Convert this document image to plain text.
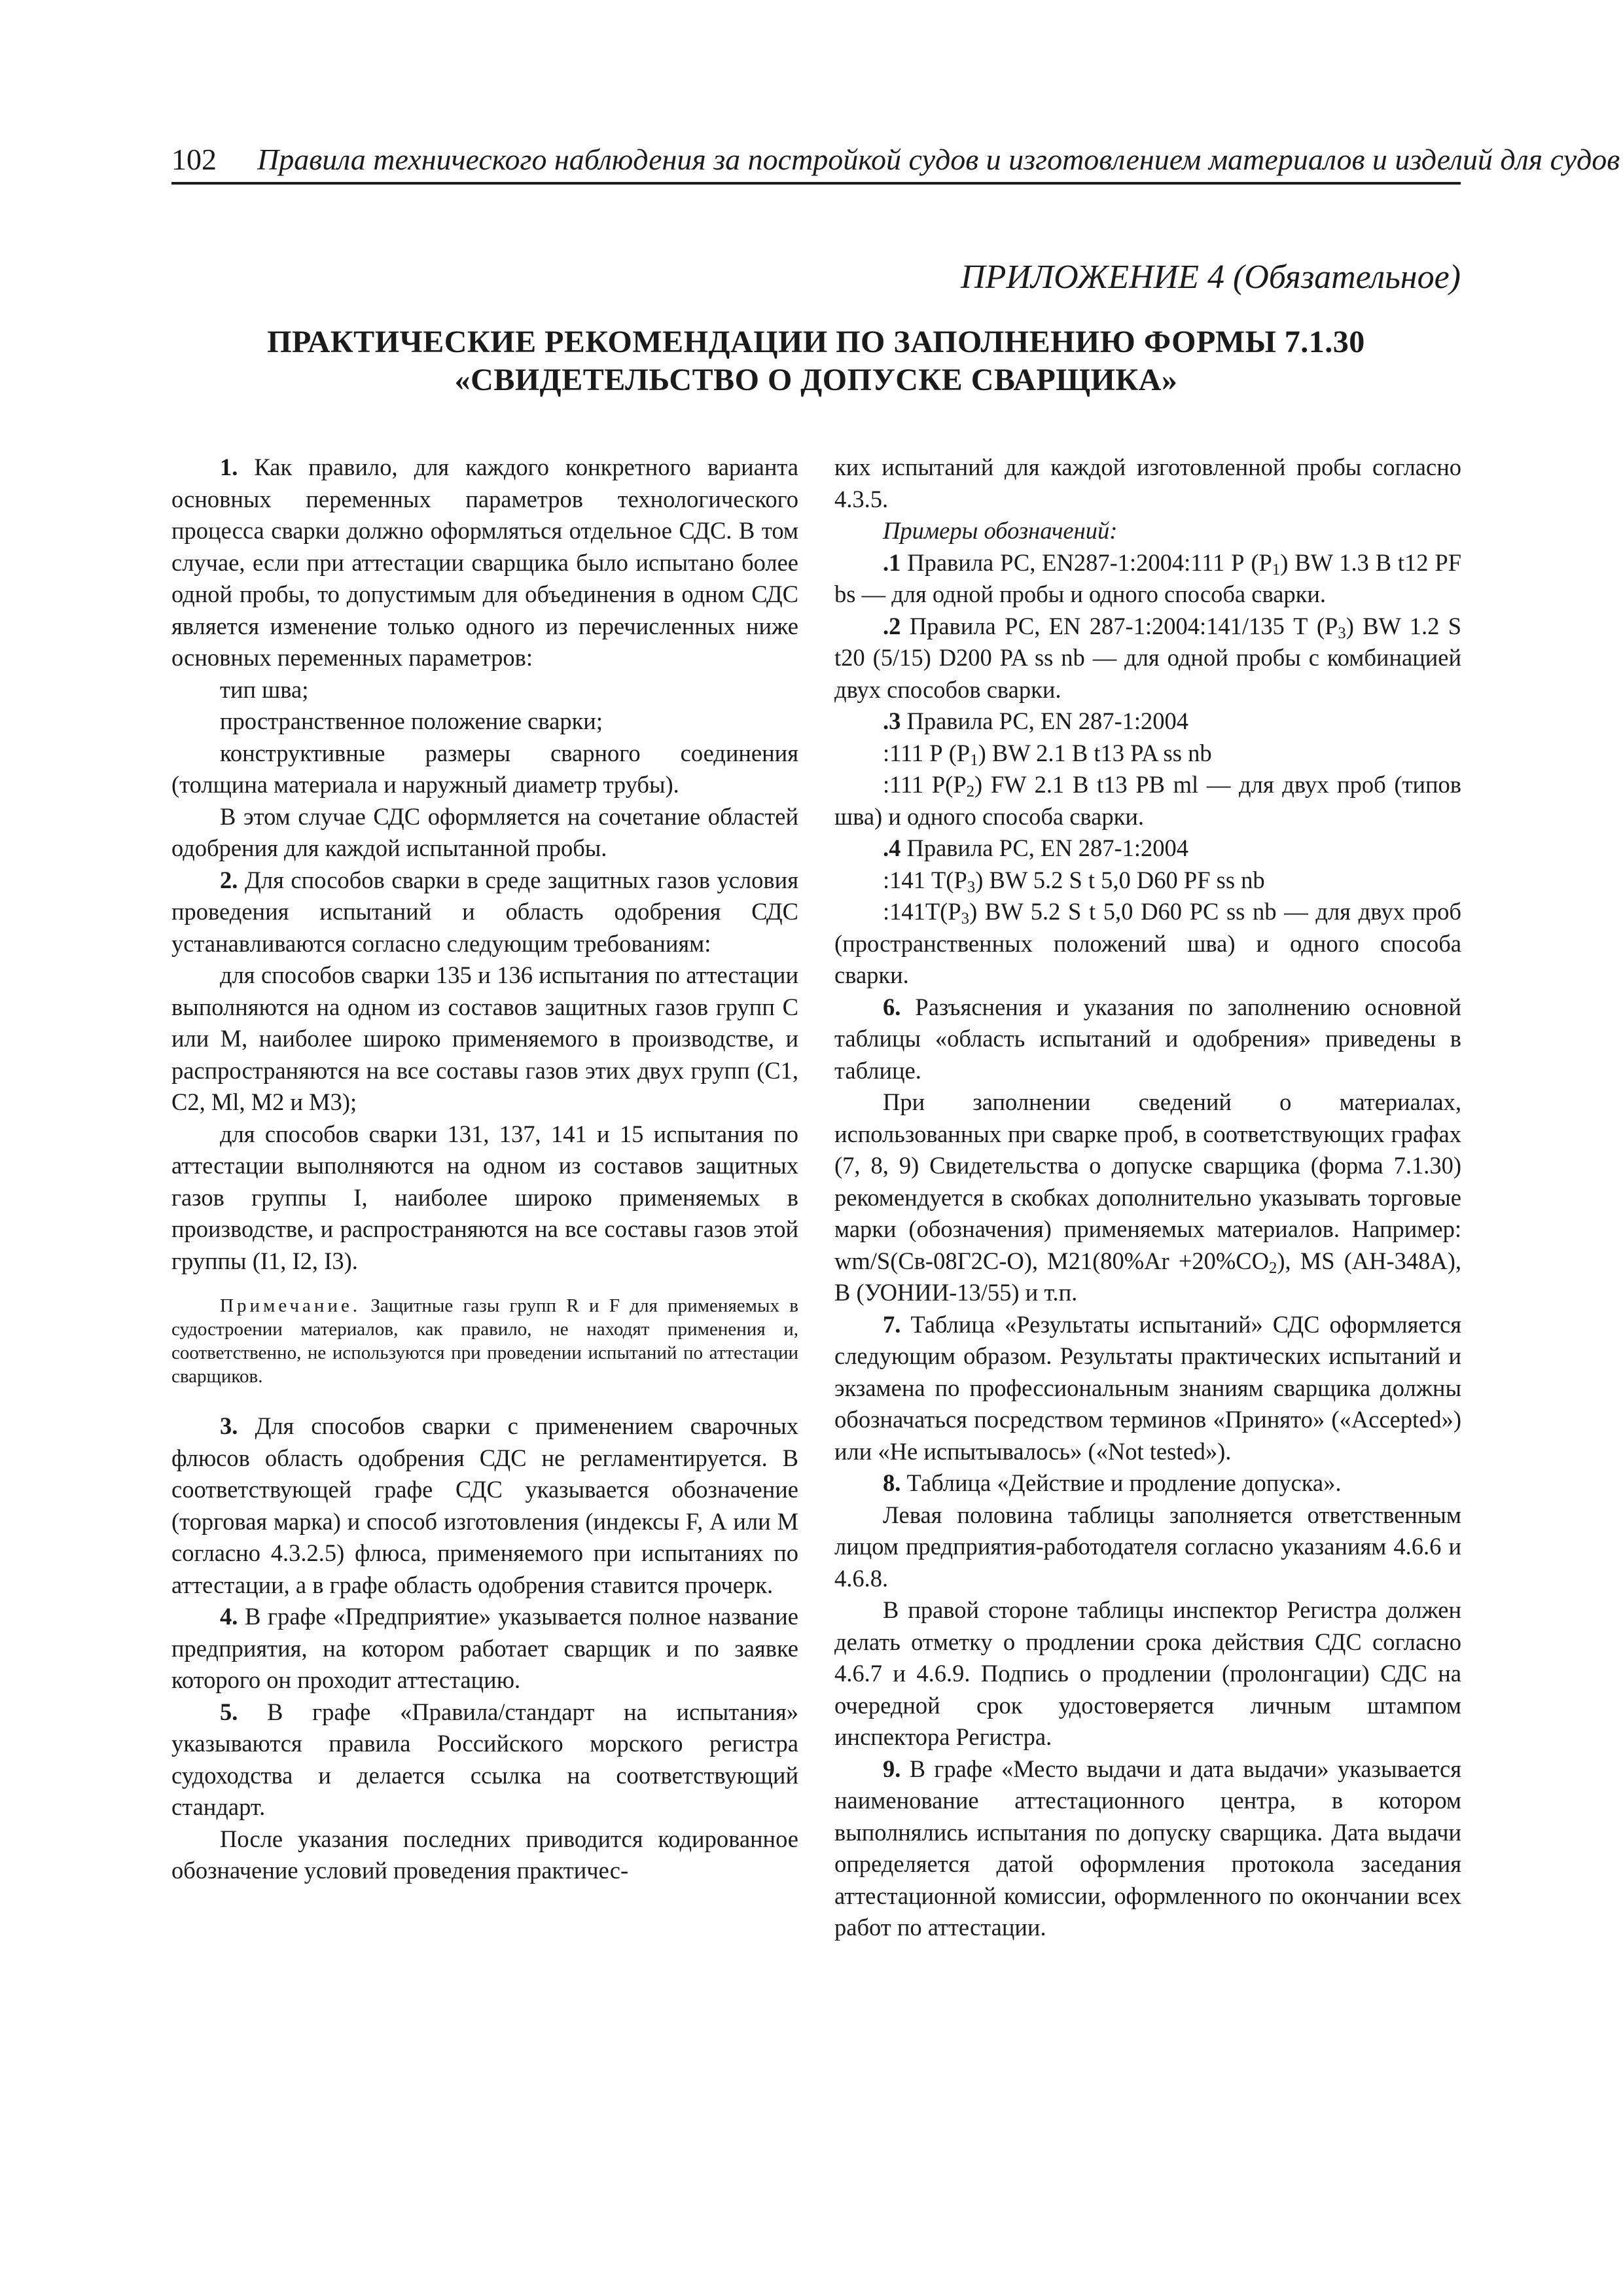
102 Правила технического наблюдения за постройкой судов и изготовлением материалов и изделий для судов
ПРИЛОЖЕНИЕ 4 (Обязательное)
ПРАКТИЧЕСКИЕ РЕКОМЕНДАЦИИ ПО ЗАПОЛНЕНИЮ ФОРМЫ 7.1.30
«СВИДЕТЕЛЬСТВО О ДОПУСКЕ СВАРЩИКА»

1. Как правило, для каждого конкретного варианта основных переменных параметров технологического процесса сварки должно оформляться отдельное СДС. В том случае, если при аттестации сварщика было испытано более одной пробы, то допустимым для объединения в одном СДС является изменение только одного из перечисленных ниже основных переменных параметров:

тип шва;

пространственное положение сварки;

конструктивные размеры сварного соединения (толщина материала и наружный диаметр трубы).

В этом случае СДС оформляется на сочетание областей одобрения для каждой испытанной пробы.

2. Для способов сварки в среде защитных газов условия проведения испытаний и область одобрения СДС устанавливаются согласно следующим требованиям:

для способов сварки 135 и 136 испытания по аттестации выполняются на одном из составов защитных газов групп С или М, наиболее широко применяемого в производстве, и распространяются на все составы газов этих двух групп (С1, С2, Ml, М2 и М3);

для способов сварки 131, 137, 141 и 15 испытания по аттестации выполняются на одном из составов защитных газов группы I, наиболее широко применяемых в производстве, и распространяются на все составы газов этой группы (I1, I2, I3).

Примечание. Защитные газы групп R и F для применяемых в судостроении материалов, как правило, не находят применения и, соответственно, не используются при проведении испытаний по аттестации сварщиков.

3. Для способов сварки с применением сварочных флюсов область одобрения СДС не регламентируется. В соответствующей графе СДС указывается обозначение (торговая марка) и способ изготовления (индексы F, А или М согласно 4.3.2.5) флюса, применяемого при испытаниях по аттестации, а в графе область одобрения ставится прочерк.

4. В графе «Предприятие» указывается полное название предприятия, на котором работает сварщик и по заявке которого он проходит аттестацию.

5. В графе «Правила/стандарт на испытания» указываются правила Российского морского регистра судоходства и делается ссылка на соответствующий стандарт.

После указания последних приводится кодированное обозначение условий проведения практичес-

ких испытаний для каждой изготовленной пробы согласно 4.3.5.

Примеры обозначений:

.1 Правила РС, EN287-1:2004:111 Р $(Р_1)$ BW 1.3 В t12 PF bs — для одной пробы и одного способа сварки.

.2 Правила РС, EN 287-1:2004:141/135 Т $(Р_3)$ BW 1.2 S t20 (5/15) D200 PA ss nb — для одной пробы с комбинацией двух способов сварки.

.3 Правила РС, EN 287-1:2004

:111 Р $(Р_1)$ BW 2.1 В t13 PA ss nb

:111 $Р(Р_2)$ FW 2.1 В t13 PB ml — для двух проб (типов шва) и одного способа сварки.

.4 Правила РС, EN 287-1:2004

:141 $Т(Р_3)$ BW 5.2 S t 5,0 D60 PF ss nb

$:141Т(Р_3)$ BW 5.2 S t 5,0 D60 PC ss nb — для двух проб (пространственных положений шва) и одного способа сварки.

6. Разъяснения и указания по заполнению основной таблицы «область испытаний и одобрения» приведены в таблице.

При заполнении сведений о материалах, использованных при сварке проб, в соответствующих графах (7, 8, 9) Свидетельства о допуске сварщика (форма 7.1.30) рекомендуется в скобках дополнительно указывать торговые марки (обозначения) применяемых материалов. Например: wm/S(Св-08Г2С-О), $M21(80\%Ar +20\%CO_2)$, MS (АН-348А), В (УОНИИ-13/55) и т.п.

7. Таблица «Результаты испытаний» СДС оформляется следующим образом. Результаты практических испытаний и экзамена по профессиональным знаниям сварщика должны обозначаться посредством терминов «Принято» («Accepted») или «Не испытывалось» («Not tested»).

8. Таблица «Действие и продление допуска».

Левая половина таблицы заполняется ответственным лицом предприятия-работодателя согласно указаниям 4.6.6 и 4.6.8.

В правой стороне таблицы инспектор Регистра должен делать отметку о продлении срока действия СДС согласно 4.6.7 и 4.6.9. Подпись о продлении (пролонгации) СДС на очередной срок удостоверяется личным штампом инспектора Регистра.

9. В графе «Место выдачи и дата выдачи» указывается наименование аттестационного центра, в котором выполнялись испытания по допуску сварщика. Дата выдачи определяется датой оформления протокола заседания аттестационной комиссии, оформленного по окончании всех работ по аттестации.
